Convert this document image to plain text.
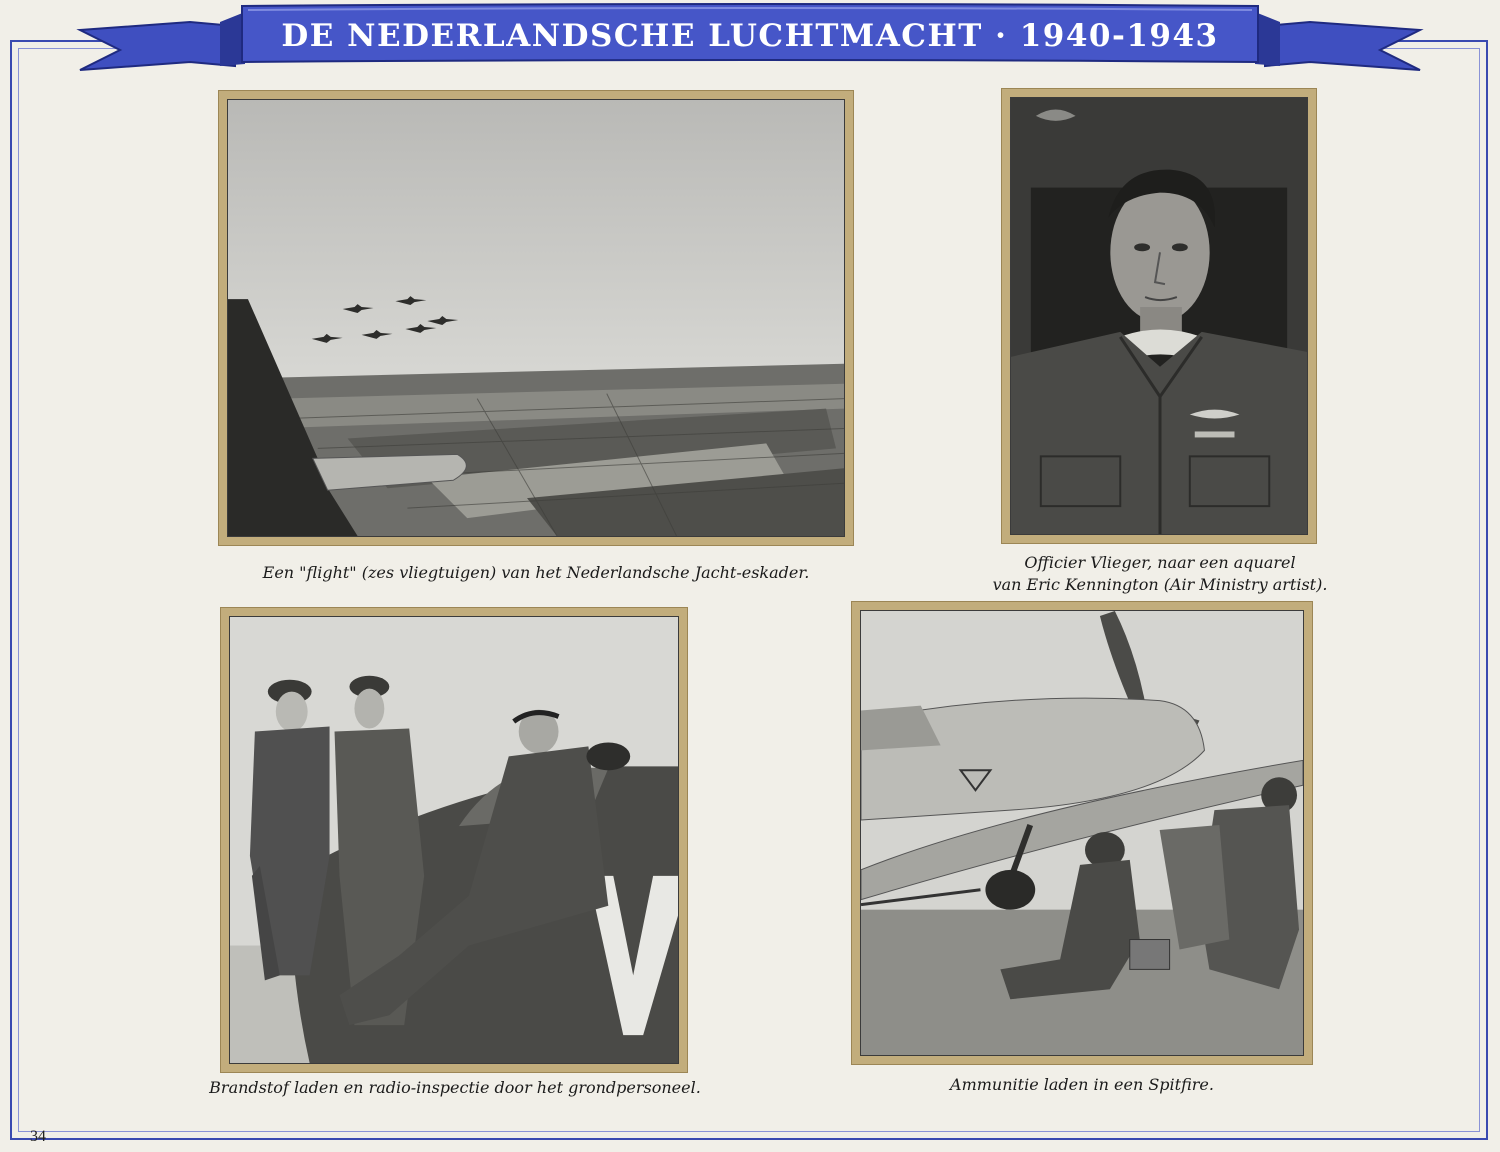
DE NEDERLANDSCHE LUCHTMACHT · 1940-1943
Een "flight" (zes vliegtuigen) van het Nederlandsche Jacht-eskader.
Officier Vlieger, naar een aquarel
van Eric Kennington (Air Ministry artist).
Brandstof laden en radio-inspectie door het grondpersoneel.	Ammunitie laden in een Spitfire.
34
